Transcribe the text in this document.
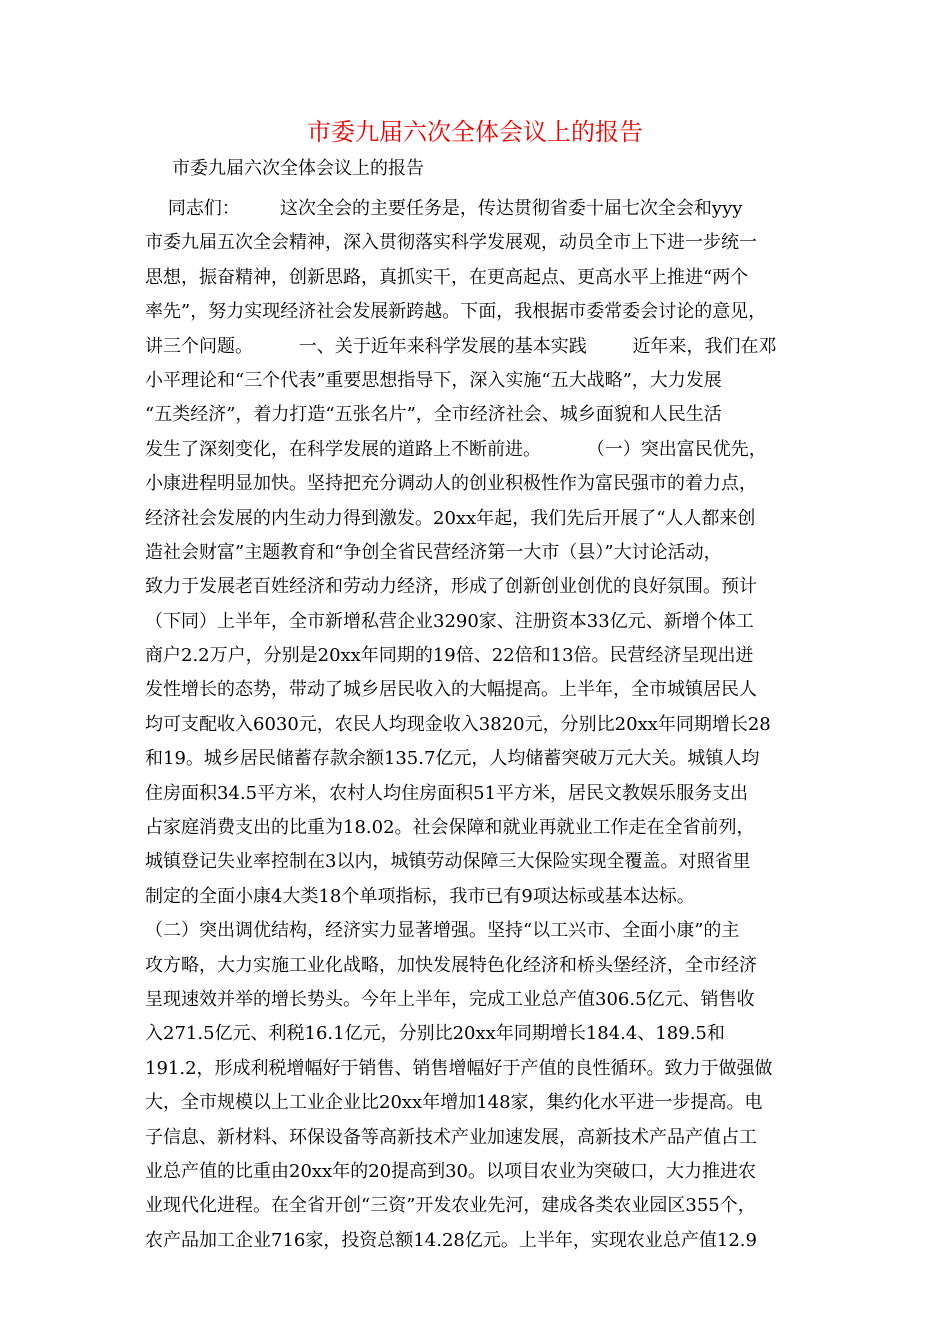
市委九届六次全体会议上的报告
市委九届六次全体会议上的报告
同志们：       这次全会的主要任务是，传达贯彻省委十届七次全会和yyy
市委九届五次全会精神，深入贯彻落实科学发展观，动员全市上下进一步统一
思想，振奋精神，创新思路，真抓实干，在更高起点、更高水平上推进“两个
率先”，努力实现经济社会发展新跨越。下面，我根据市委常委会讨论的意见，
讲三个问题。        一、关于近年来科学发展的基本实践        近年来，我们在邓
小平理论和“三个代表”重要思想指导下，深入实施“五大战略”，大力发展
“五类经济”，着力打造“五张名片”，全市经济社会、城乡面貌和人民生活
发生了深刻变化，在科学发展的道路上不断前进。        （一）突出富民优先，
小康进程明显加快。坚持把充分调动人的创业积极性作为富民强市的着力点，
经济社会发展的内生动力得到激发。20xx年起，我们先后开展了“人人都来创
造社会财富”主题教育和“争创全省民营经济第一大市（县）”大讨论活动，
致力于发展老百姓经济和劳动力经济，形成了创新创业创优的良好氛围。预计
（下同）上半年，全市新增私营企业3290家、注册资本33亿元、新增个体工
商户2.2万户，分别是20xx年同期的19倍、22倍和13倍。民营经济呈现出迸
发性增长的态势，带动了城乡居民收入的大幅提高。上半年，全市城镇居民人
均可支配收入6030元，农民人均现金收入3820元，分别比20xx年同期增长28
和19。城乡居民储蓄存款余额135.7亿元，人均储蓄突破万元大关。城镇人均
住房面积34.5平方米，农村人均住房面积51平方米，居民文教娱乐服务支出
占家庭消费支出的比重为18.02。社会保障和就业再就业工作走在全省前列，
城镇登记失业率控制在3以内，城镇劳动保障三大保险实现全覆盖。对照省里
制定的全面小康4大类18个单项指标，我市已有9项达标或基本达标。
（二）突出调优结构，经济实力显著增强。坚持“以工兴市、全面小康”的主
攻方略，大力实施工业化战略，加快发展特色化经济和桥头堡经济，全市经济
呈现速效并举的增长势头。今年上半年，完成工业总产值306.5亿元、销售收
入271.5亿元、利税16.1亿元，分别比20xx年同期增长184.4、189.5和
191.2，形成利税增幅好于销售、销售增幅好于产值的良性循环。致力于做强做
大，全市规模以上工业企业比20xx年增加148家，集约化水平进一步提高。电
子信息、新材料、环保设备等高新技术产业加速发展，高新技术产品产值占工
业总产值的比重由20xx年的20提高到30。以项目农业为突破口，大力推进农
业现代化进程。在全省开创“三资”开发农业先河，建成各类农业园区355个，
农产品加工企业716家，投资总额14.28亿元。上半年，实现农业总产值12.9
